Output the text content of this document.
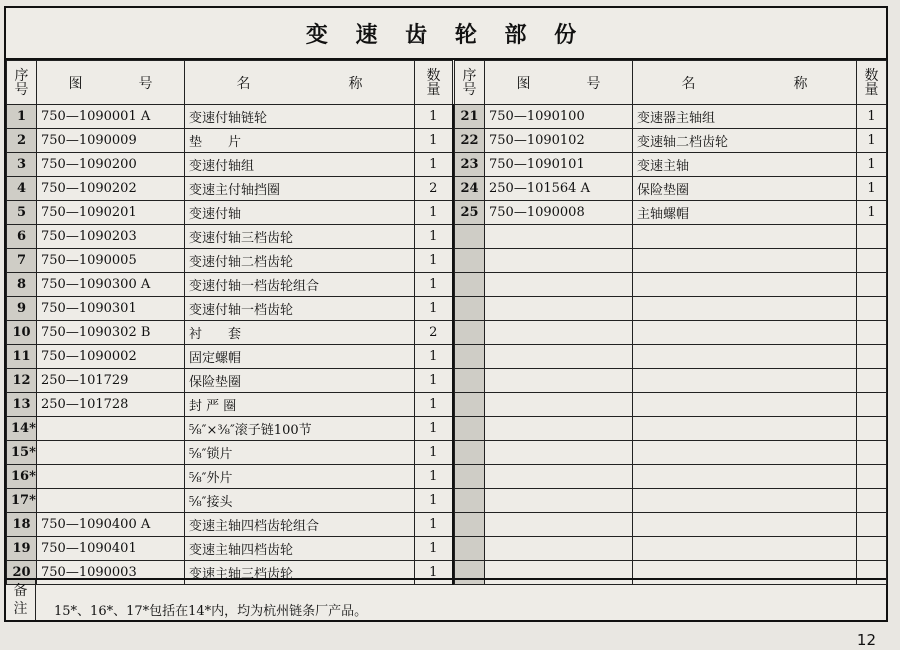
变 速 齿 轮 部 份
序
号	图　　　　号	名　　　　　　　称	数
量

1	750—1090001 A	变速付轴链轮	1
2	750—1090009	垫　　片	1
3	750—1090200	变速付轴组	1
4	750—1090202	变速主付轴挡圈	2
5	750—1090201	变速付轴	1
6	750—1090203	变速付轴三档齿轮	1
7	750—1090005	变速付轴二档齿轮	1
8	750—1090300 A	变速付轴一档齿轮组合	1
9	750—1090301	变速付轴一档齿轮	1
10	750—1090302 B	衬　　套	2
11	750—1090002	固定螺帽	1
12	250—101729	保险垫圈	1
13	250—101728	封 严 圈	1
14*		⅝″×⅜″滚子链100节	1
15*		⅝″锁片	1
16*		⅝″外片	1
17*		⅝″接头	1
18	750—1090400 A	变速主轴四档齿轮组合	1
19	750—1090401	变速主轴四档齿轮	1
20	750—1090003	变速主轴三档齿轮	1
序
号	图　　　　号	名　　　　　　　称	数
量

21	750—1090100	变速器主轴组	1
22	750—1090102	变速轴二档齿轮	1
23	750—1090101	变速主轴	1
24	250—101564 A	保险垫圈	1
25	750—1090008	主轴螺帽	1

备
注	15*、16*、17*包括在14*内，均为杭州链条厂产品。
12
